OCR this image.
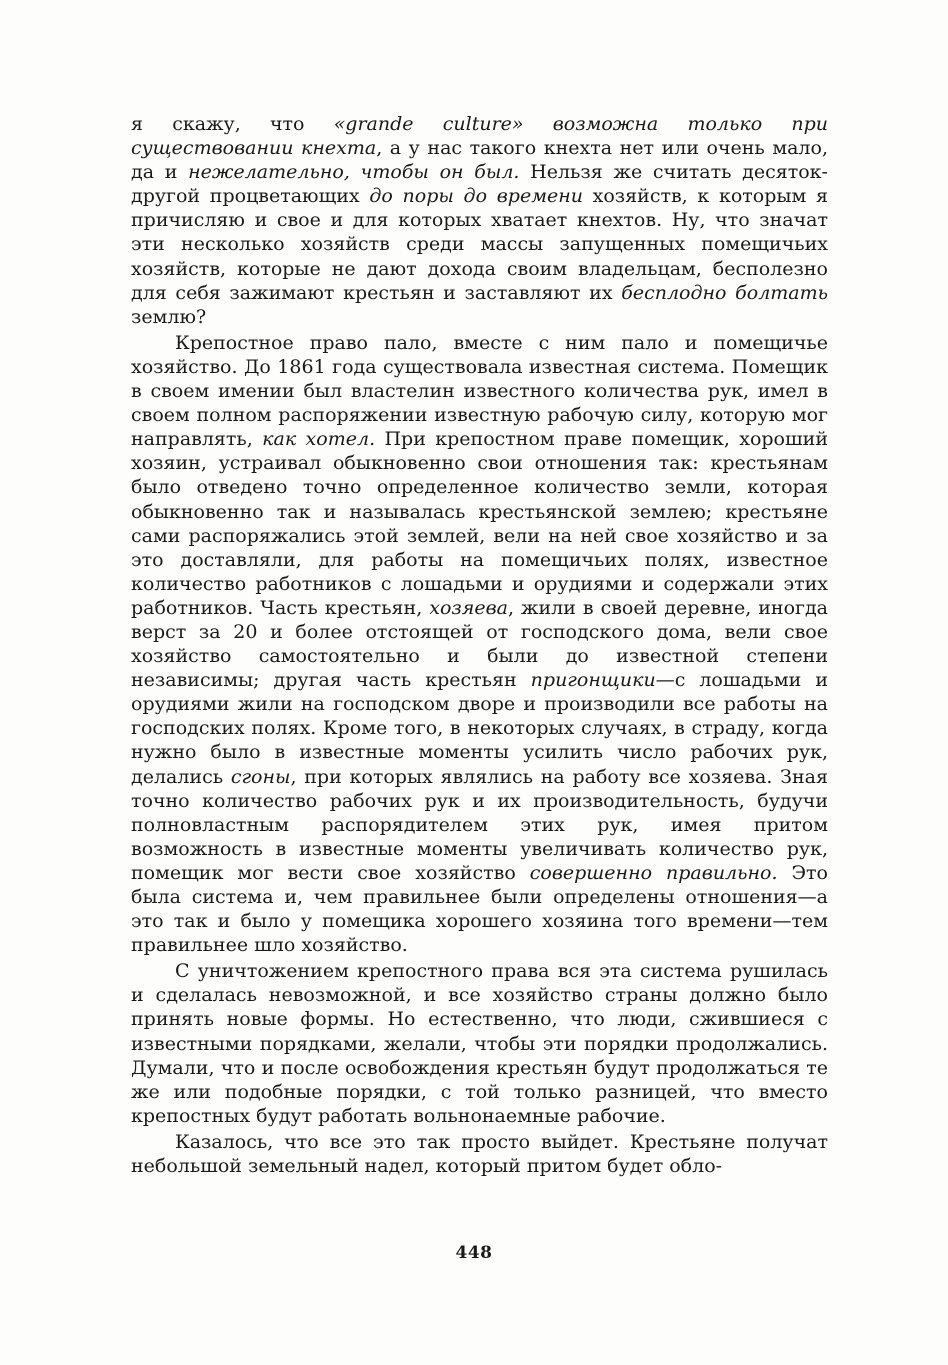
я скажу, что «grande culture» возможна только при существовании кнехта, а у нас такого кнехта нет или очень мало, да и нежелательно, чтобы он был. Нельзя же считать десяток-другой процветающих до поры до времени хозяйств, к которым я причисляю и свое и для которых хватает кнехтов. Ну, что значат эти несколько хозяйств среди массы запущенных помещичьих хозяйств, которые не дают дохода своим владельцам, бесполезно для себя зажимают крестьян и заставляют их бесплодно болтать землю?

Крепостное право пало, вместе с ним пало и помещичье хозяйство. До 1861 года существовала известная система. Помещик в своем имении был властелин известного количества рук, имел в своем полном распоряжении известную рабочую силу, которую мог направлять, как хотел. При крепостном праве помещик, хороший хозяин, устраивал обыкновенно свои отношения так: крестьянам было отведено точно определенное количество земли, которая обыкновенно так и называлась крестьянской землею; крестьяне сами распоряжались этой землей, вели на ней свое хозяйство и за это доставляли, для работы на помещичьих полях, известное количество работников с лошадьми и орудиями и содержали этих работников. Часть крестьян, хозяева, жили в своей деревне, иногда верст за 20 и более отстоящей от господского дома, вели свое хозяйство самостоятельно и были до известной степени независимы; другая часть крестьян пригонщики—с лошадьми и орудиями жили на господском дворе и производили все работы на господских полях. Кроме того, в некоторых случаях, в страду, когда нужно было в известные моменты усилить число рабочих рук, делались сгоны, при которых являлись на работу все хозяева. Зная точно количество рабочих рук и их производительность, будучи полновластным распорядителем этих рук, имея притом возможность в известные моменты увеличивать количество рук, помещик мог вести свое хозяйство совершенно правильно. Это была система и, чем правильнее были определены отношения—а это так и было у помещика хорошего хозяина того времени—тем правильнее шло хозяйство.

С уничтожением крепостного права вся эта система рушилась и сделалась невозможной, и все хозяйство страны должно было принять новые формы. Но естественно, что люди, сжившиеся с известными порядками, желали, чтобы эти порядки продолжались. Думали, что и после освобождения крестьян будут продолжаться те же или подобные порядки, с той только разницей, что вместо крепостных будут работать вольнонаемные рабочие.

Казалось, что все это так просто выйдет. Крестьяне получат небольшой земельный надел, который притом будет обло-

448
